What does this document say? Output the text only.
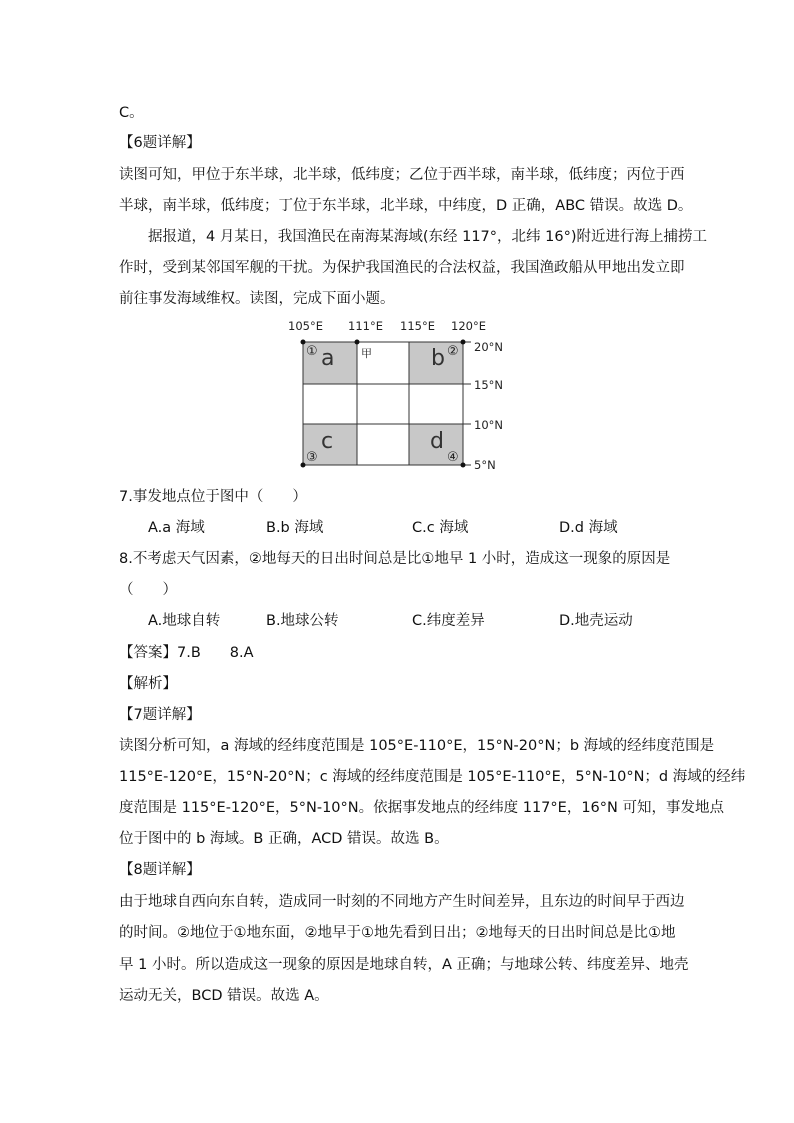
C。
【6题详解】
读图可知，甲位于东半球，北半球，低纬度；乙位于西半球，南半球，低纬度；丙位于西
半球，南半球，低纬度；丁位于东半球，北半球，中纬度，D 正确，ABC 错误。故选 D。
据报道，4 月某日，我国渔民在南海某海域(东经 117°，北纬 16°)附近进行海上捕捞工
作时，受到某邻国军舰的干扰。为保护我国渔民的合法权益，我国渔政船从甲地出发立即
前往事发海域维权。读图，完成下面小题。
105°E 111°E 115°E 120°E
20°N
15°N
10°N
5°N
a	b
c	d
甲
①	②
③	④
7.事发地点位于图中（　　）
A.a 海域	B.b 海域	C.c 海域	D.d 海域
8.不考虑天气因素，②地每天的日出时间总是比①地早 1 小时，造成这一现象的原因是
（　　）
A.地球自转	B.地球公转	C.纬度差异	D.地壳运动
【答案】7.B　　8.A
【解析】
【7题详解】
读图分析可知，a 海域的经纬度范围是 105°E-110°E，15°N-20°N；b 海域的经纬度范围是
115°E-120°E，15°N-20°N；c 海域的经纬度范围是 105°E-110°E，5°N-10°N；d 海域的经纬
度范围是 115°E-120°E，5°N-10°N。依据事发地点的经纬度 117°E，16°N 可知，事发地点
位于图中的 b 海域。B 正确，ACD 错误。故选 B。
【8题详解】
由于地球自西向东自转，造成同一时刻的不同地方产生时间差异，且东边的时间早于西边
的时间。②地位于①地东面，②地早于①地先看到日出；②地每天的日出时间总是比①地
早 1 小时。所以造成这一现象的原因是地球自转，A 正确；与地球公转、纬度差异、地壳
运动无关，BCD 错误。故选 A。
